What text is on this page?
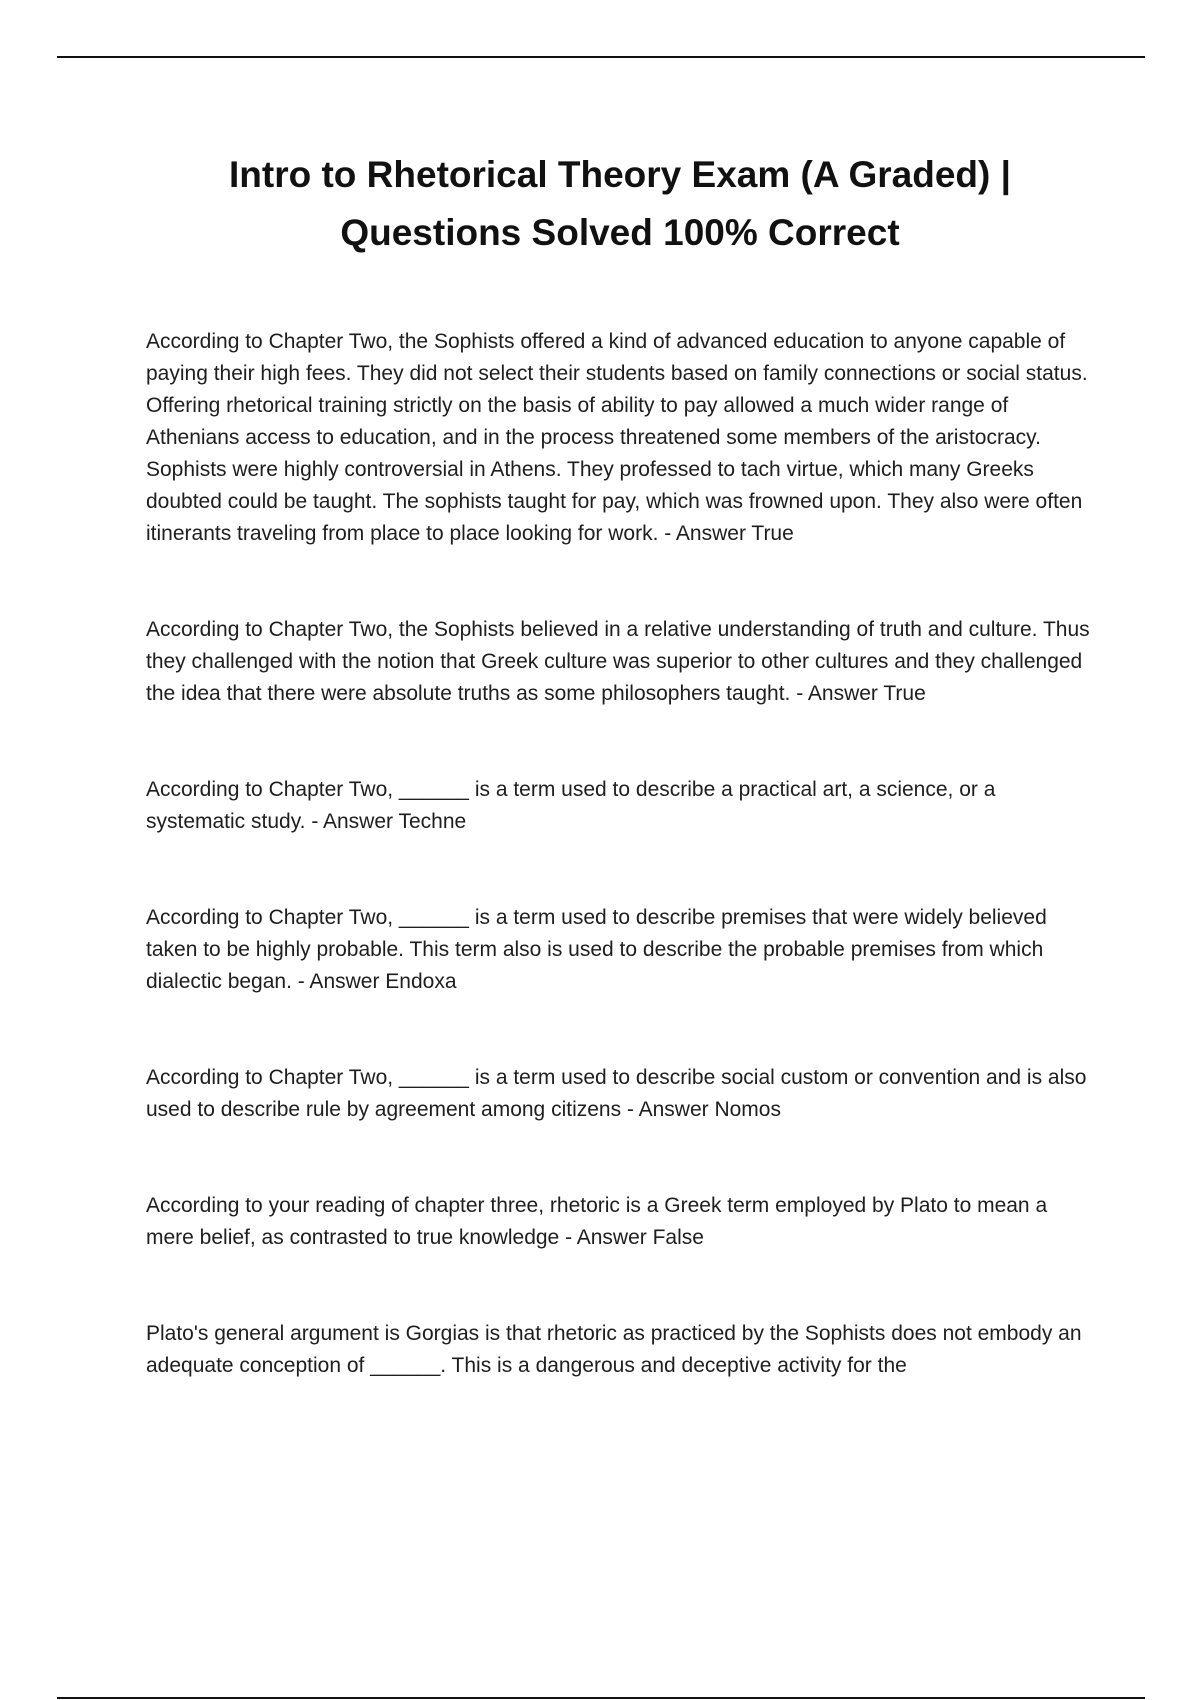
Intro to Rhetorical Theory Exam (A Graded) |
Questions Solved 100% Correct

According to Chapter Two, the Sophists offered a kind of advanced education to anyone capable of paying their high fees. They did not select their students based on family connections or social status. Offering rhetorical training strictly on the basis of ability to pay allowed a much wider range of Athenians access to education, and in the process threatened some members of the aristocracy. Sophists were highly controversial in Athens. They professed to tach virtue, which many Greeks doubted could be taught. The sophists taught for pay, which was frowned upon. They also were often itinerants traveling from place to place looking for work. - Answer True

According to Chapter Two, the Sophists believed in a relative understanding of truth and culture. Thus they challenged with the notion that Greek culture was superior to other cultures and they challenged the idea that there were absolute truths as some philosophers taught. - Answer True

According to Chapter Two, ______ is a term used to describe a practical art, a science, or a systematic study. - Answer Techne

According to Chapter Two, ______ is a term used to describe premises that were widely believed taken to be highly probable. This term also is used to describe the probable premises from which dialectic began. - Answer Endoxa

According to Chapter Two, ______ is a term used to describe social custom or convention and is also used to describe rule by agreement among citizens - Answer Nomos

According to your reading of chapter three, rhetoric is a Greek term employed by Plato to mean a mere belief, as contrasted to true knowledge - Answer False

Plato's general argument is Gorgias is that rhetoric as practiced by the Sophists does not embody an adequate conception of ______. This is a dangerous and deceptive activity for the
